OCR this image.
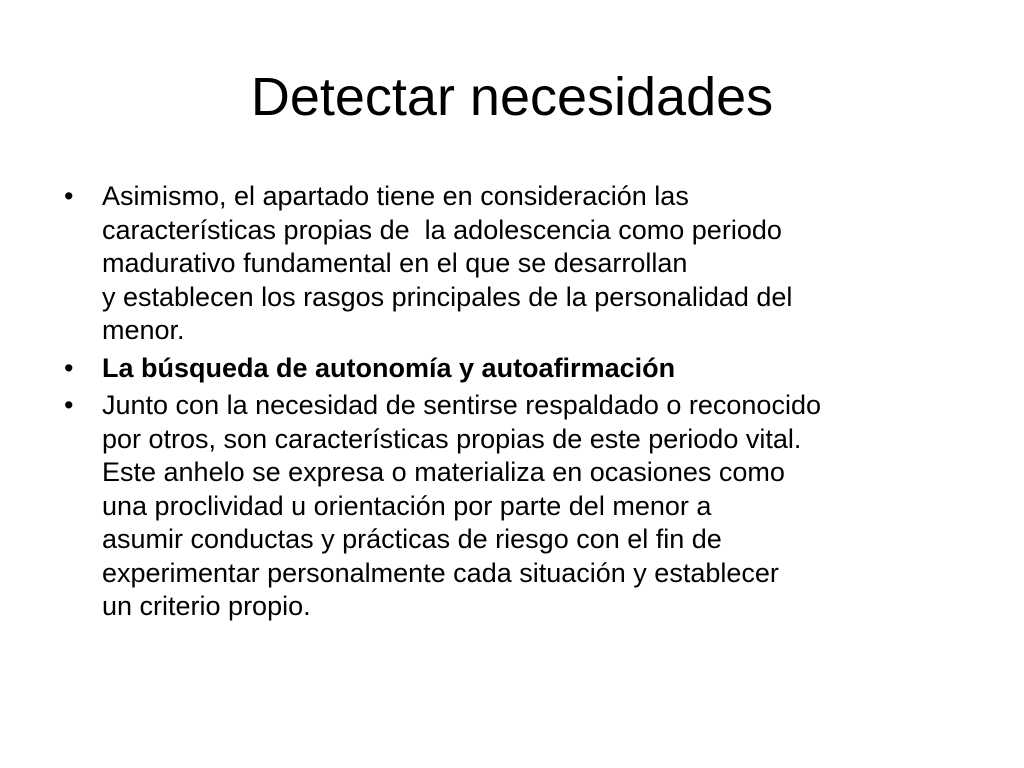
Detectar necesidades
•	Asimismo, el apartado tiene en consideración las
características propias de  la adolescencia como periodo
madurativo fundamental en el que se desarrollan
y establecen los rasgos principales de la personalidad del
menor.
•	La búsqueda de autonomía y autoafirmación
•	Junto con la necesidad de sentirse respaldado o reconocido
por otros, son características propias de este periodo vital.
Este anhelo se expresa o materializa en ocasiones como
una proclividad u orientación por parte del menor a
asumir conductas y prácticas de riesgo con el fin de
experimentar personalmente cada situación y establecer
un criterio propio.
